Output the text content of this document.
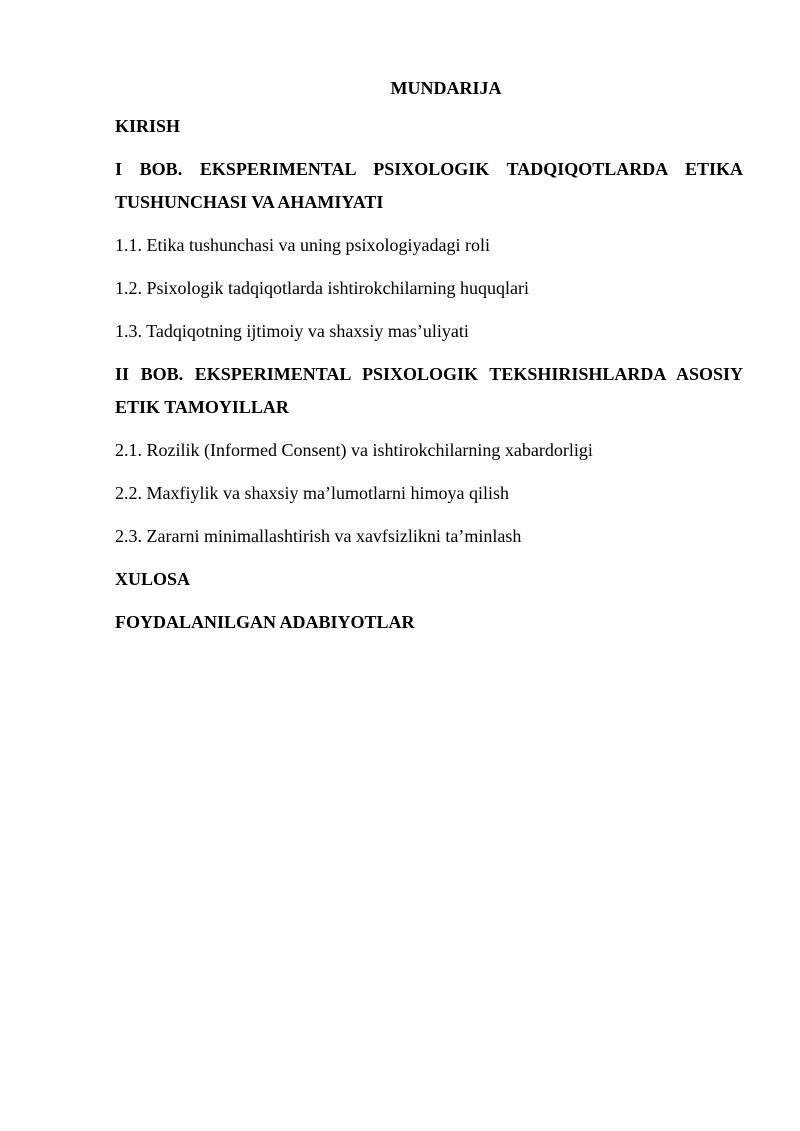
MUNDARIJA
KIRISH
I BOB. EKSPERIMENTAL PSIXOLOGIK TADQIQOTLARDA ETIKA
TUSHUNCHASI VA AHAMIYATI
1.1. Etika tushunchasi va uning psixologiyadagi roli
1.2. Psixologik tadqiqotlarda ishtirokchilarning huquqlari
1.3. Tadqiqotning ijtimoiy va shaxsiy mas’uliyati
II BOB. EKSPERIMENTAL PSIXOLOGIK TEKSHIRISHLARDA ASOSIY
ETIK TAMOYILLAR
2.1. Rozilik (Informed Consent) va ishtirokchilarning xabardorligi
2.2. Maxfiylik va shaxsiy ma’lumotlarni himoya qilish
2.3. Zararni minimallashtirish va xavfsizlikni ta’minlash
XULOSA
FOYDALANILGAN ADABIYOTLAR
